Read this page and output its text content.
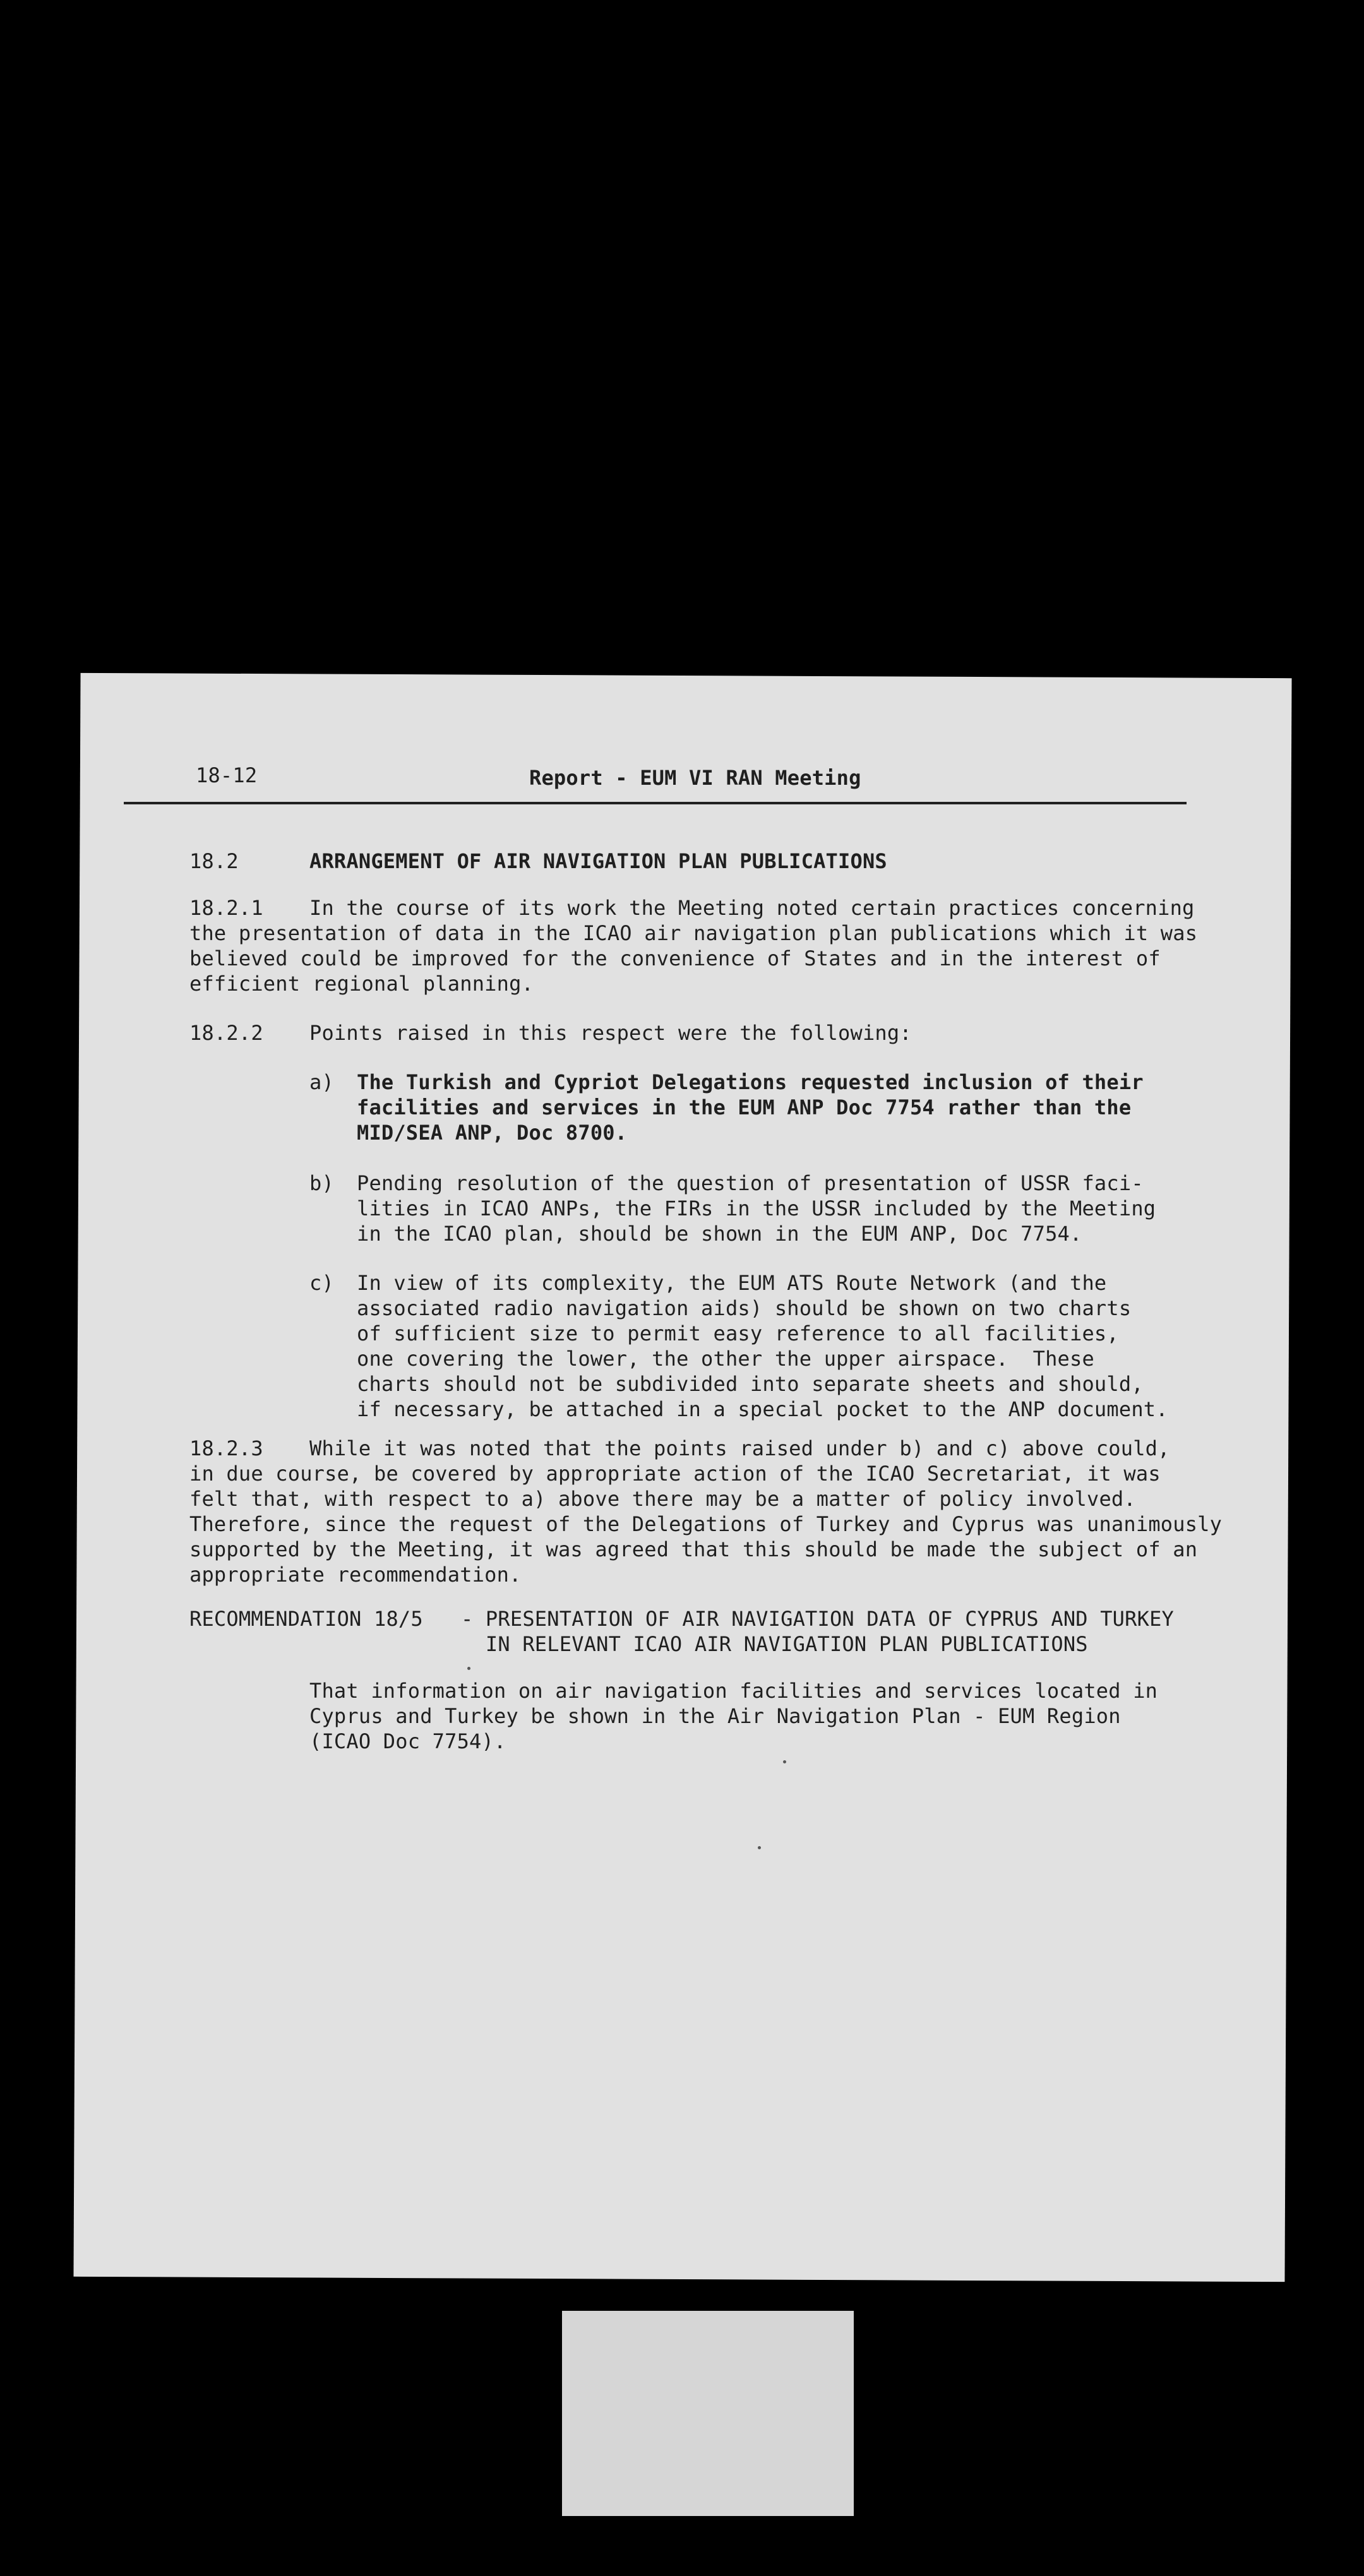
18-12	Report - EUM VI RAN Meeting
18.2	ARRANGEMENT OF AIR NAVIGATION PLAN PUBLICATIONS
18.2.1 In the course of its work the Meeting noted certain practices concerning
the presentation of data in the ICAO air navigation plan publications which it was
believed could be improved for the convenience of States and in the interest of
efficient regional planning.
18.2.2 Points raised in this respect were the following:
a) The Turkish and Cypriot Delegations requested inclusion of their
facilities and services in the EUM ANP Doc 7754 rather than the
MID/SEA ANP, Doc 8700.
b) Pending resolution of the question of presentation of USSR faci-
lities in ICAO ANPs, the FIRs in the USSR included by the Meeting
in the ICAO plan, should be shown in the EUM ANP, Doc 7754.
c) In view of its complexity, the EUM ATS Route Network (and the
associated radio navigation aids) should be shown on two charts
of sufficient size to permit easy reference to all facilities,
one covering the lower, the other the upper airspace.  These
charts should not be subdivided into separate sheets and should,
if necessary, be attached in a special pocket to the ANP document.
18.2.3 While it was noted that the points raised under b) and c) above could,
in due course, be covered by appropriate action of the ICAO Secretariat, it was
felt that, with respect to a) above there may be a matter of policy involved.
Therefore, since the request of the Delegations of Turkey and Cyprus was unanimously
supported by the Meeting, it was agreed that this should be made the subject of an
appropriate recommendation.
RECOMMENDATION 18/5 - PRESENTATION OF AIR NAVIGATION DATA OF CYPRUS AND TURKEY
IN RELEVANT ICAO AIR NAVIGATION PLAN PUBLICATIONS
That information on air navigation facilities and services located in
Cyprus and Turkey be shown in the Air Navigation Plan - EUM Region
(ICAO Doc 7754).
